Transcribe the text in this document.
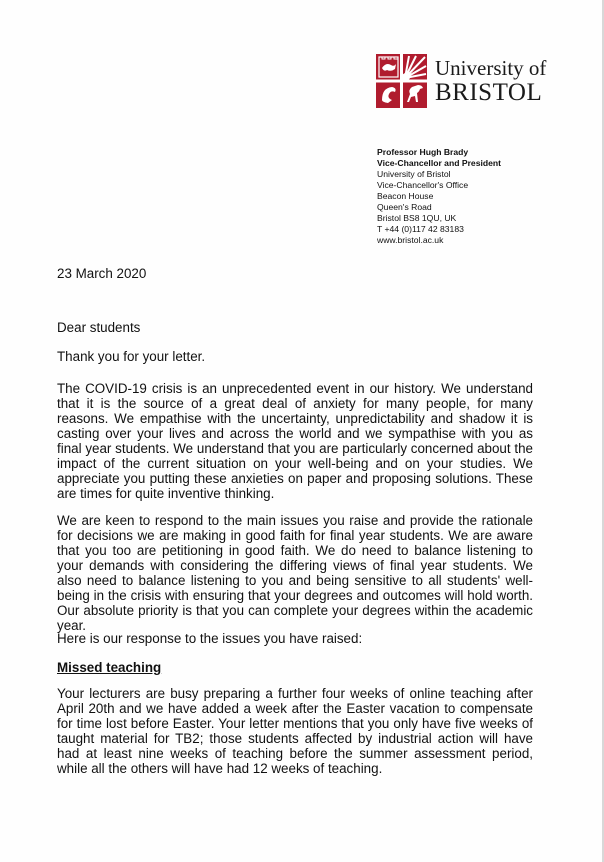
University of
BRISTOL
Professor Hugh Brady
Vice-Chancellor and President
University of Bristol
Vice-Chancellor's Office
Beacon House
Queen's Road
Bristol BS8 1QU, UK
T +44 (0)117 42 83183
www.bristol.ac.uk
23 March 2020
Dear students
Thank you for your letter.
The COVID-19 crisis is an unprecedented event in our history. We understand that it is the source of a great deal of anxiety for many people, for many reasons. We empathise with the uncertainty, unpredictability and shadow it is casting over your lives and across the world and we sympathise with you as final year students. We understand that you are particularly concerned about the impact of the current situation on your well-being and on your studies. We appreciate you putting these anxieties on paper and proposing solutions. These are times for quite inventive thinking.
We are keen to respond to the main issues you raise and provide the rationale for decisions we are making in good faith for final year students. We are aware that you too are petitioning in good faith. We do need to balance listening to your demands with considering the differing views of final year students. We also need to balance listening to you and being sensitive to all students' well-being in the crisis with ensuring that your degrees and outcomes will hold worth. Our absolute priority is that you can complete your degrees within the academic year.
Here is our response to the issues you have raised:
Missed teaching
Your lecturers are busy preparing a further four weeks of online teaching after April 20th and we have added a week after the Easter vacation to compensate for time lost before Easter. Your letter mentions that you only have five weeks of taught material for TB2; those students affected by industrial action will have had at least nine weeks of teaching before the summer assessment period, while all the others will have had 12 weeks of teaching.
